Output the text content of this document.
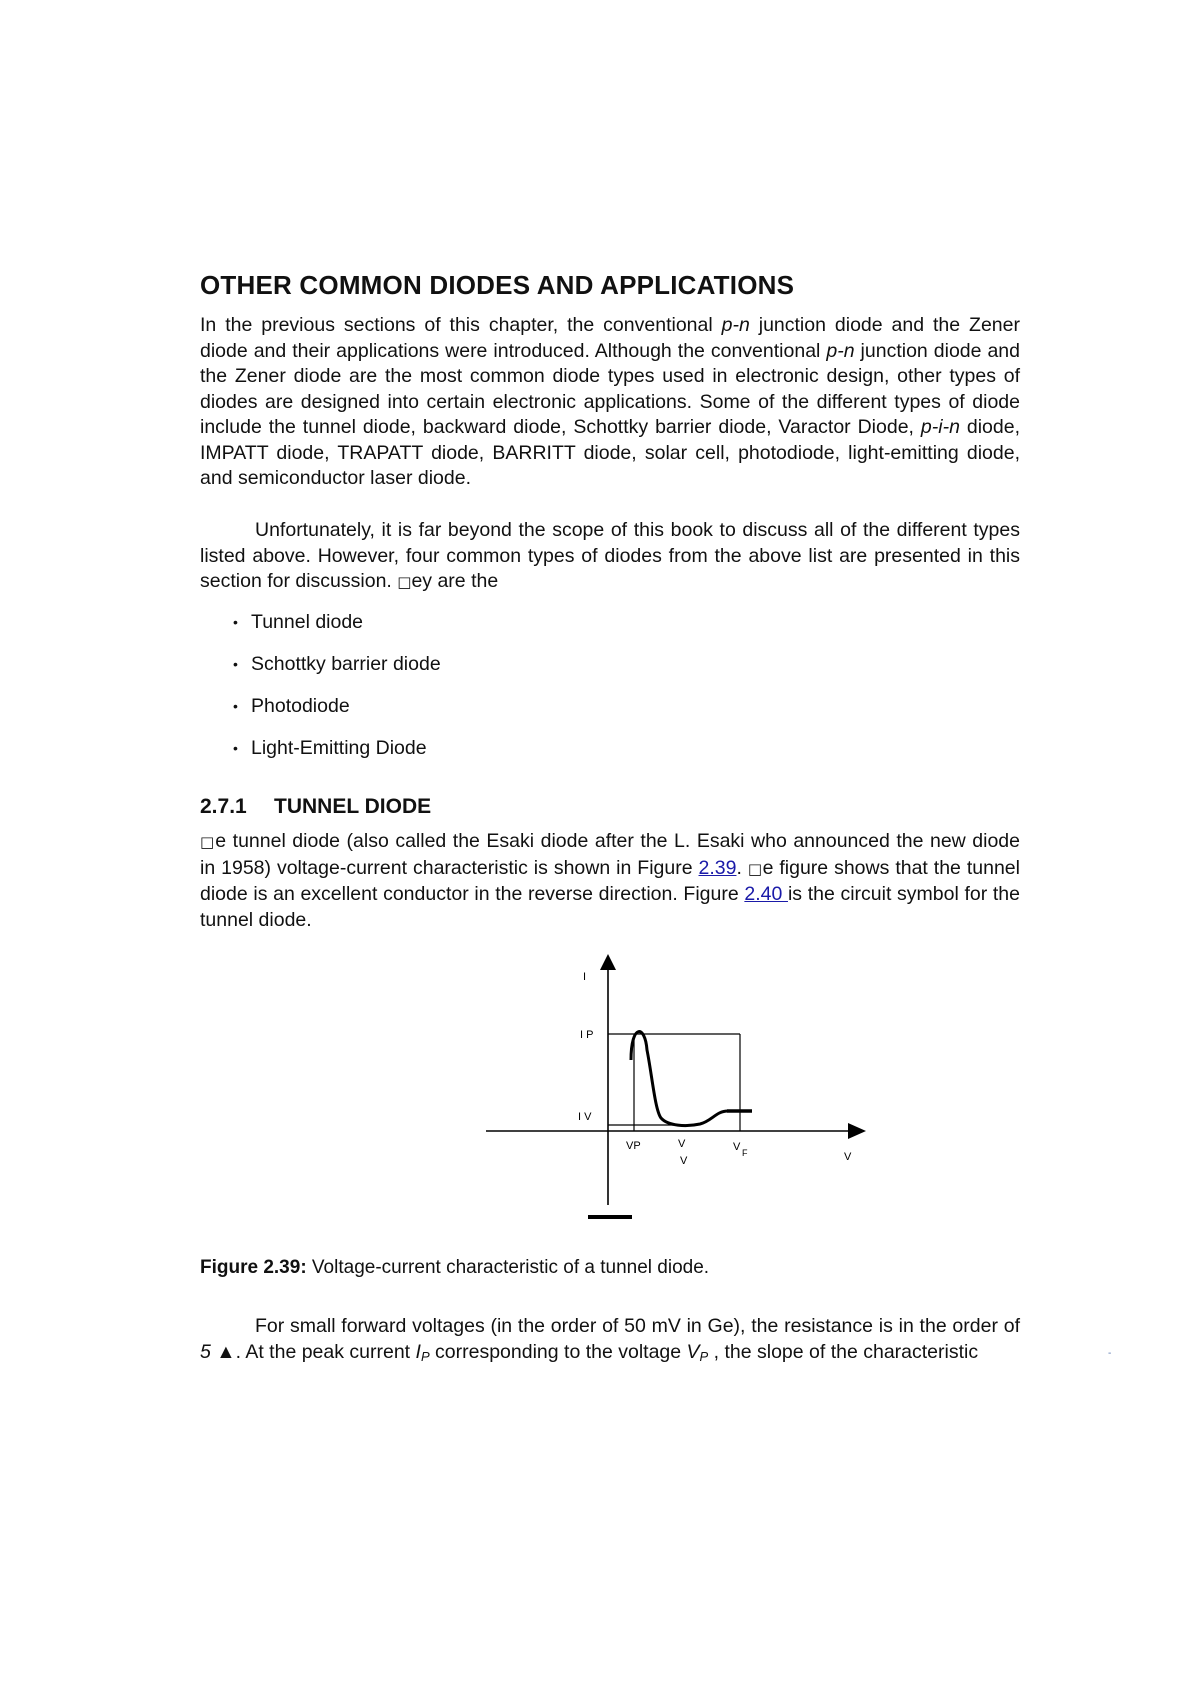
OTHER COMMON DIODES AND APPLICATIONS

In the previous sections of this chapter, the conventional p-n junction diode and the Zener diode and their applications were introduced. Although the conventional p-n junction diode and the Zener diode are the most common diode types used in electronic design, other types of diodes are designed into certain electronic applications. Some of the different types of diode include the tunnel diode, backward diode, Schottky barrier diode, Varactor Diode, p-i-n diode, IMPATT diode, TRAPATT diode, BARRITT diode, solar cell, photodiode, light-emitting diode, and semiconductor laser diode.

Unfortunately, it is far beyond the scope of this book to discuss all of the different types listed above. However, four common types of diodes from the above list are presented in this section for discussion. □ey are the

• Tunnel diode
• Schottky barrier diode
• Photodiode
• Light-Emitting Diode
2.7.1 TUNNEL DIODE

□e tunnel diode (also called the Esaki diode after the L. Esaki who announced the new diode in 1958) voltage-current characteristic is shown in Figure 2.39. □e figure shows that the tunnel diode is an excellent conductor in the reverse direction. Figure 2.40 is the circuit symbol for the tunnel diode.

I
I P
I V
VP	V
V
V F	V

Figure 2.39: Voltage-current characteristic of a tunnel diode.

For small forward voltages (in the order of 50 mV in Ge), the resistance is in the order of 5 ▲. At the peak current $I_P$ corresponding to the voltage $V_P$ , the slope of the characteristic	-
